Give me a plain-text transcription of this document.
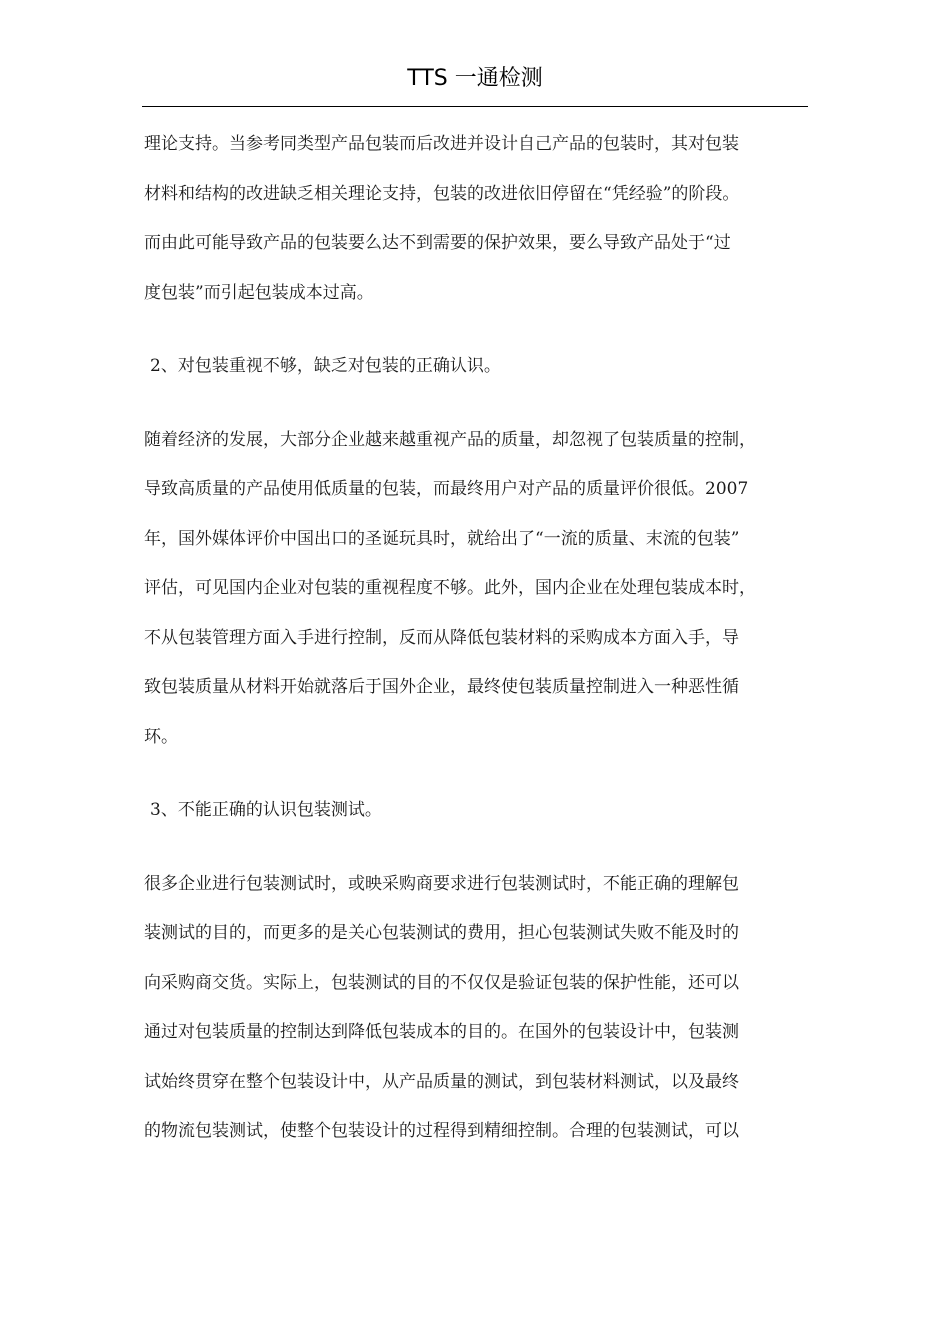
TTS 一通检测

理论支持。当参考同类型产品包装而后改进并设计自己产品的包装时，其对包装
材料和结构的改进缺乏相关理论支持，包装的改进依旧停留在“凭经验”的阶段。
而由此可能导致产品的包装要么达不到需要的保护效果，要么导致产品处于“过
度包装”而引起包装成本过高。

2、对包装重视不够，缺乏对包装的正确认识。

随着经济的发展，大部分企业越来越重视产品的质量，却忽视了包装质量的控制，
导致高质量的产品使用低质量的包装，而最终用户对产品的质量评价很低。2007
年，国外媒体评价中国出口的圣诞玩具时，就给出了“一流的质量、末流的包装”
评估，可见国内企业对包装的重视程度不够。此外，国内企业在处理包装成本时，
不从包装管理方面入手进行控制，反而从降低包装材料的采购成本方面入手，导
致包装质量从材料开始就落后于国外企业，最终使包装质量控制进入一种恶性循
环。

3、不能正确的认识包装测试。

很多企业进行包装测试时，或映采购商要求进行包装测试时，不能正确的理解包
装测试的目的，而更多的是关心包装测试的费用，担心包装测试失败不能及时的
向采购商交货。实际上，包装测试的目的不仅仅是验证包装的保护性能，还可以
通过对包装质量的控制达到降低包装成本的目的。在国外的包装设计中，包装测
试始终贯穿在整个包装设计中，从产品质量的测试，到包装材料测试，以及最终
的物流包装测试，使整个包装设计的过程得到精细控制。合理的包装测试，可以
